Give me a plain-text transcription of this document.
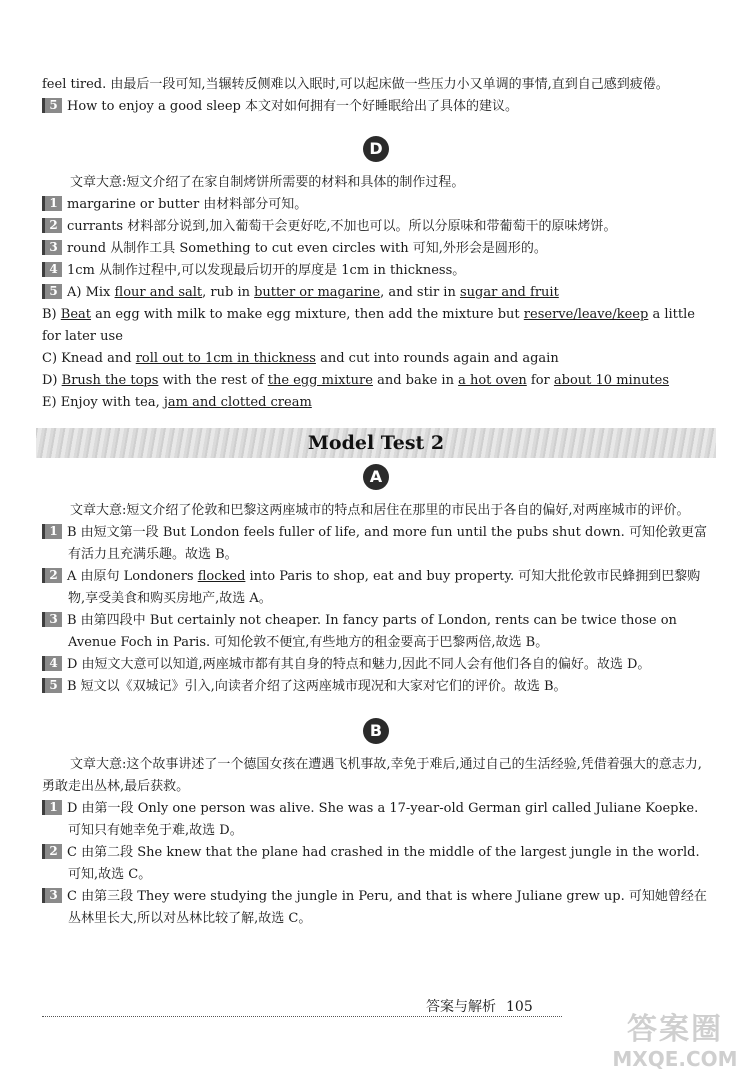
feel tired. 由最后一段可知,当辗转反侧难以入眠时,可以起床做一些压力小又单调的事情,直到自己感到疲倦。

5 How to enjoy a good sleep 本文对如何拥有一个好睡眠给出了具体的建议。

D

文章大意:短文介绍了在家自制烤饼所需要的材料和具体的制作过程。

1 margarine or butter 由材料部分可知。

2 currants 材料部分说到,加入葡萄干会更好吃,不加也可以。所以分原味和带葡萄干的原味烤饼。

3 round 从制作工具 Something to cut even circles with 可知,外形会是圆形的。

4 1cm 从制作过程中,可以发现最后切开的厚度是 1cm in thickness。

5 A) Mix flour and salt, rub in butter or magarine, and stir in sugar and fruit

B) Beat an egg with milk to make egg mixture, then add the mixture but reserve/leave/keep a little for later use

C) Knead and roll out to 1cm in thickness and cut into rounds again and again

D) Brush the tops with the rest of the egg mixture and bake in a hot oven for about 10 minutes

E) Enjoy with tea, jam and clotted cream

Model Test 2
A

文章大意:短文介绍了伦敦和巴黎这两座城市的特点和居住在那里的市民出于各自的偏好,对两座城市的评价。

1 B 由短文第一段 But London feels fuller of life, and more fun until the pubs shut down. 可知伦敦更富有活力且充满乐趣。故选 B。

2 A 由原句 Londoners flocked into Paris to shop, eat and buy property. 可知大批伦敦市民蜂拥到巴黎购物,享受美食和购买房地产,故选 A。

3 B 由第四段中 But certainly not cheaper. In fancy parts of London, rents can be twice those on Avenue Foch in Paris. 可知伦敦不便宜,有些地方的租金要高于巴黎两倍,故选 B。

4 D 由短文大意可以知道,两座城市都有其自身的特点和魅力,因此不同人会有他们各自的偏好。故选 D。

5 B 短文以《双城记》引入,向读者介绍了这两座城市现况和大家对它们的评价。故选 B。

B

文章大意:这个故事讲述了一个德国女孩在遭遇飞机事故,幸免于难后,通过自己的生活经验,凭借着强大的意志力,勇敢走出丛林,最后获救。

1 D 由第一段 Only one person was alive. She was a 17-year-old German girl called Juliane Koepke. 可知只有她幸免于难,故选 D。

2 C 由第二段 She knew that the plane had crashed in the middle of the largest jungle in the world. 可知,故选 C。

3 C 由第三段 They were studying the jungle in Peru, and that is where Juliane grew up. 可知她曾经在丛林里长大,所以对丛林比较了解,故选 C。

答案与解析 105
答案圈
MXQE.COM
